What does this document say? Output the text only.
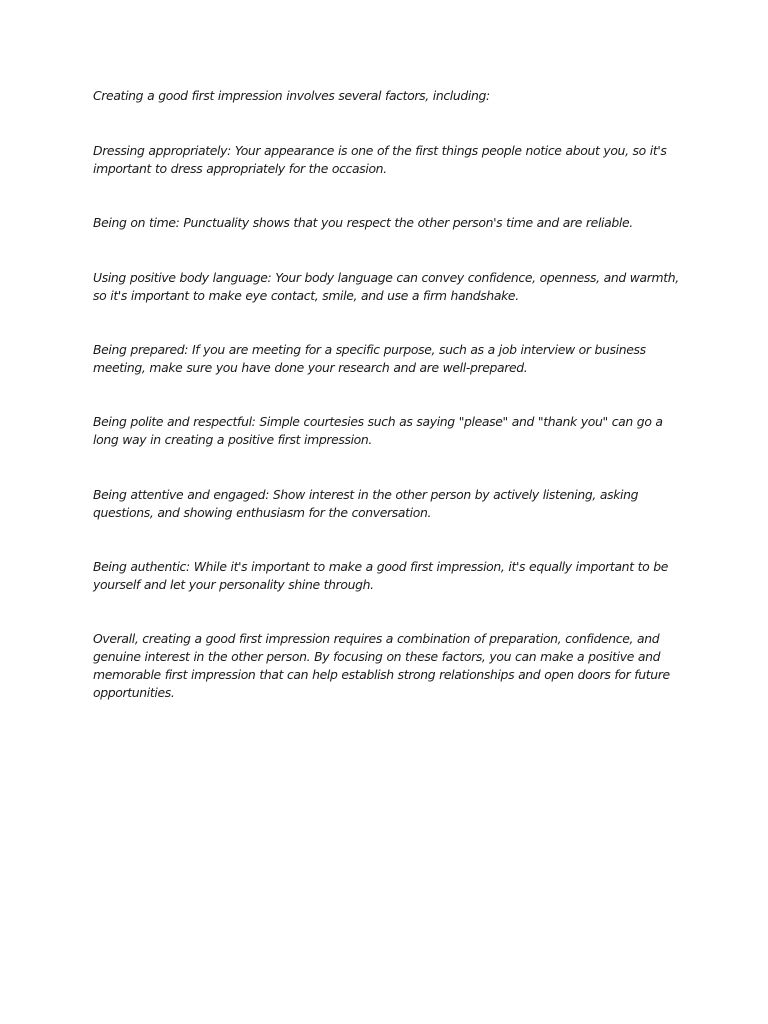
Creating a good first impression involves several factors, including:

Dressing appropriately: Your appearance is one of the first things people notice about you, so it's important to dress appropriately for the occasion.

Being on time: Punctuality shows that you respect the other person's time and are reliable.

Using positive body language: Your body language can convey confidence, openness, and warmth, so it's important to make eye contact, smile, and use a firm handshake.

Being prepared: If you are meeting for a specific purpose, such as a job interview or business meeting, make sure you have done your research and are well-prepared.

Being polite and respectful: Simple courtesies such as saying "please" and "thank you" can go a long way in creating a positive first impression.

Being attentive and engaged: Show interest in the other person by actively listening, asking questions, and showing enthusiasm for the conversation.

Being authentic: While it's important to make a good first impression, it's equally important to be yourself and let your personality shine through.

Overall, creating a good first impression requires a combination of preparation, confidence, and genuine interest in the other person. By focusing on these factors, you can make a positive and memorable first impression that can help establish strong relationships and open doors for future opportunities.
